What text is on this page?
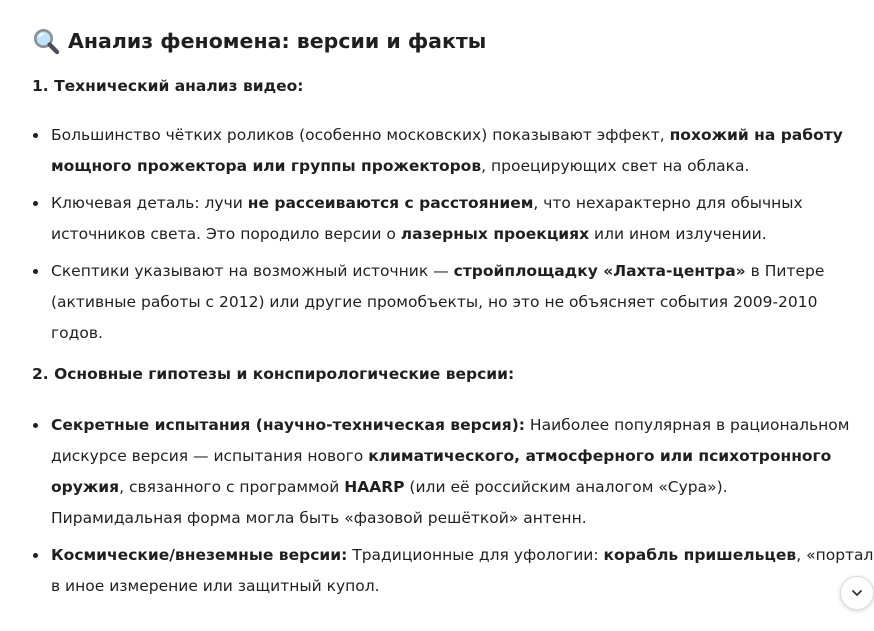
Анализ феномена: версии и факты
1. Технический анализ видео:
Большинство чётких роликов (особенно московских) показывают эффект, похожий на работу
мощного прожектора или группы прожекторов, проецирующих свет на облака.
Ключевая деталь: лучи не рассеиваются с расстоянием, что нехарактерно для обычных
источников света. Это породило версии о лазерных проекциях или ином излучении.
Скептики указывают на возможный источник — стройплощадку «Лахта-центра» в Питере
(активные работы с 2012) или другие промобъекты, но это не объясняет события 2009-2010
годов.
2. Основные гипотезы и конспирологические версии:
Секретные испытания (научно-техническая версия): Наиболее популярная в рациональном
дискурсе версия — испытания нового климатического, атмосферного или психотронного
оружия, связанного с программой HAARP (или её российским аналогом «Сура»).
Пирамидальная форма могла быть «фазовой решёткой» антенн.
Космические/внеземные версии: Традиционные для уфологии: корабль пришельцев, «портал
в иное измерение или защитный купол.
